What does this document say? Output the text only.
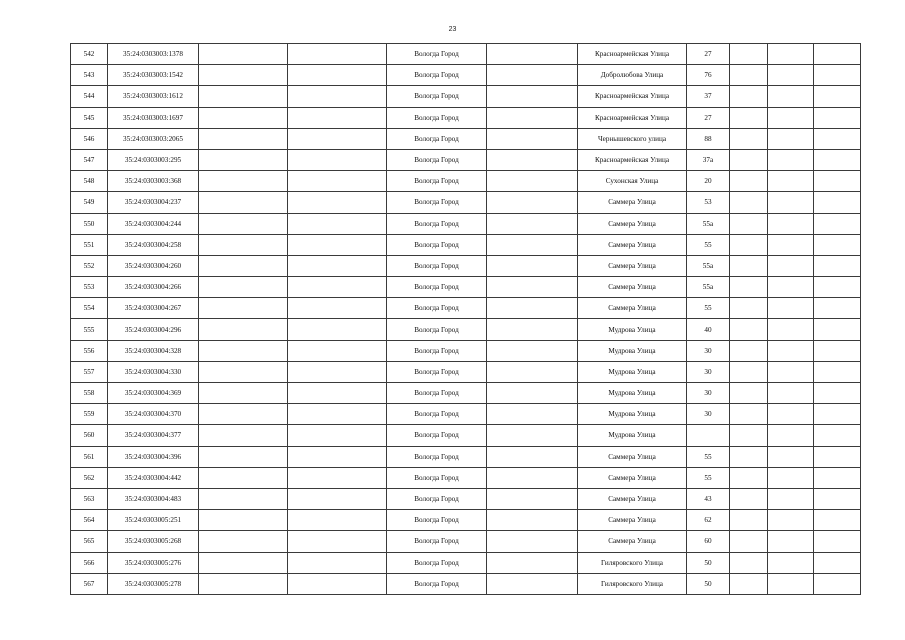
23
542	35:24:0303003:1378			Вологда Город		Красноармейская Улица	27			
543	35:24:0303003:1542			Вологда Город		Добролюбова Улица	76			
544	35:24:0303003:1612			Вологда Город		Красноармейская Улица	37			
545	35:24:0303003:1697			Вологда Город		Красноармейская Улица	27			
546	35:24:0303003:2065			Вологда Город		Чернышевского улица	88			
547	35:24:0303003:295			Вологда Город		Красноармейская Улица	37а			
548	35:24:0303003:368			Вологда Город		Сухонская Улица	20			
549	35:24:0303004:237			Вологда Город		Саммера Улица	53			
550	35:24:0303004:244			Вологда Город		Саммера Улица	55а			
551	35:24:0303004:258			Вологда Город		Саммера Улица	55			
552	35:24:0303004:260			Вологда Город		Саммера Улица	55а			
553	35:24:0303004:266			Вологда Город		Саммера Улица	55а			
554	35:24:0303004:267			Вологда Город		Саммера Улица	55			
555	35:24:0303004:296			Вологда Город		Мудрова Улица	40			
556	35:24:0303004:328			Вологда Город		Мудрова Улица	30			
557	35:24:0303004:330			Вологда Город		Мудрова Улица	30			
558	35:24:0303004:369			Вологда Город		Мудрова Улица	30			
559	35:24:0303004:370			Вологда Город		Мудрова Улица	30			
560	35:24:0303004:377			Вологда Город		Мудрова Улица				
561	35:24:0303004:396			Вологда Город		Саммера Улица	55			
562	35:24:0303004:442			Вологда Город		Саммера Улица	55			
563	35:24:0303004:483			Вологда Город		Саммера Улица	43			
564	35:24:0303005:251			Вологда Город		Саммера Улица	62			
565	35:24:0303005:268			Вологда Город		Саммера Улица	60			
566	35:24:0303005:276			Вологда Город		Гиляровского Улица	50			
567	35:24:0303005:278			Вологда Город		Гиляровского Улица	50			
